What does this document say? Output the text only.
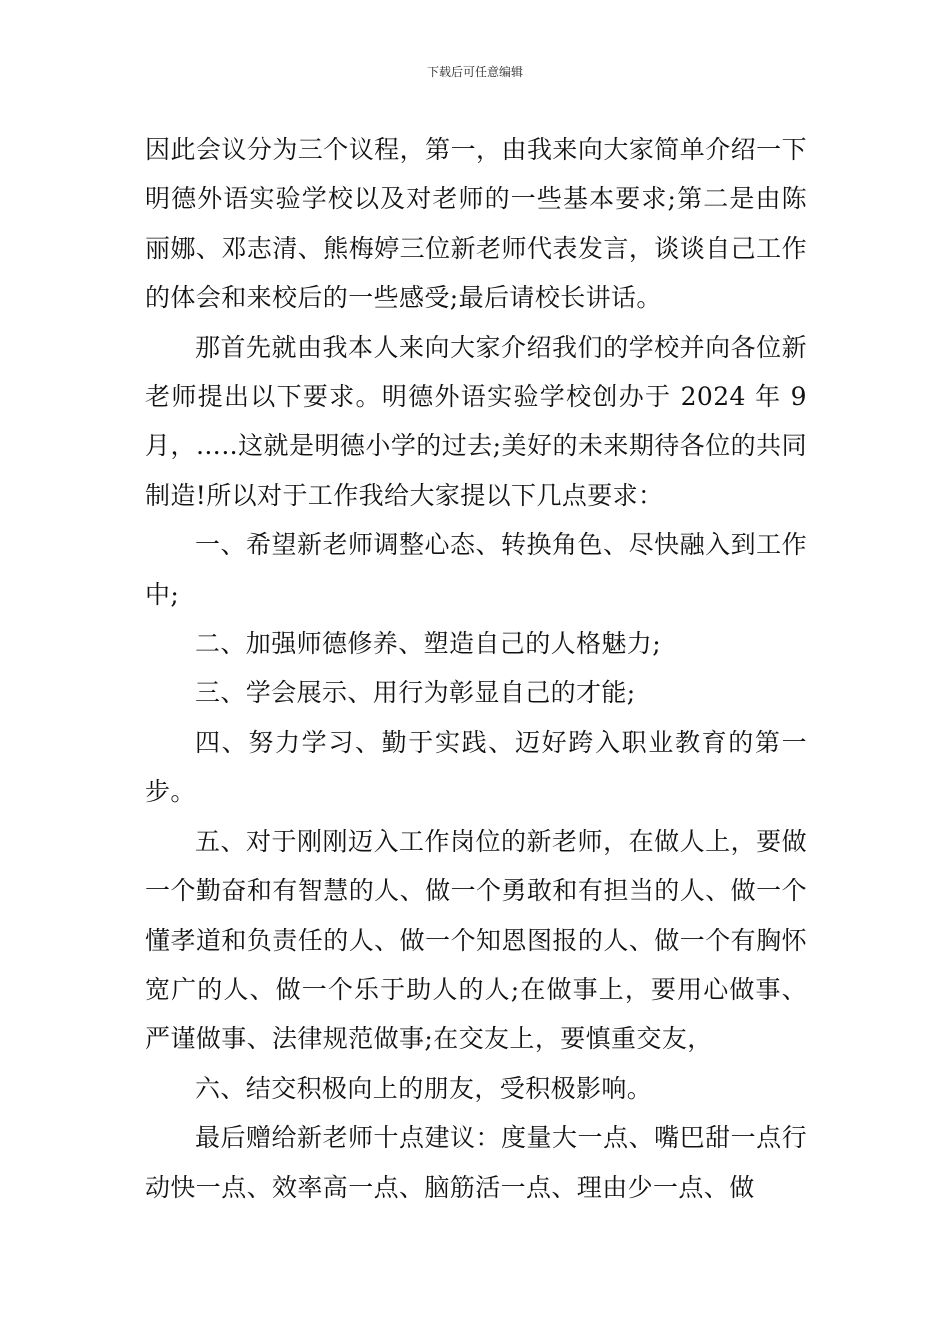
下载后可任意编辑

因此会议分为三个议程，第一，由我来向大家简单介绍一下明德外语实验学校以及对老师的一些基本要求;第二是由陈丽娜、邓志清、熊梅婷三位新老师代表发言，谈谈自己工作的体会和来校后的一些感受;最后请校长讲话。

那首先就由我本人来向大家介绍我们的学校并向各位新老师提出以下要求。明德外语实验学校创办于 2024 年 9 月，…..这就是明德小学的过去;美好的未来期待各位的共同制造!所以对于工作我给大家提以下几点要求：

一、希望新老师调整心态、转换角色、尽快融入到工作中;

二、加强师德修养、塑造自己的人格魅力;

三、学会展示、用行为彰显自己的才能;

四、努力学习、勤于实践、迈好跨入职业教育的第一步。

五、对于刚刚迈入工作岗位的新老师，在做人上，要做一个勤奋和有智慧的人、做一个勇敢和有担当的人、做一个懂孝道和负责任的人、做一个知恩图报的人、做一个有胸怀宽广的人、做一个乐于助人的人;在做事上，要用心做事、严谨做事、法律规范做事;在交友上，要慎重交友，

六、结交积极向上的朋友，受积极影响。

最后赠给新老师十点建议：度量大一点、嘴巴甜一点行动快一点、效率高一点、脑筋活一点、理由少一点、做
